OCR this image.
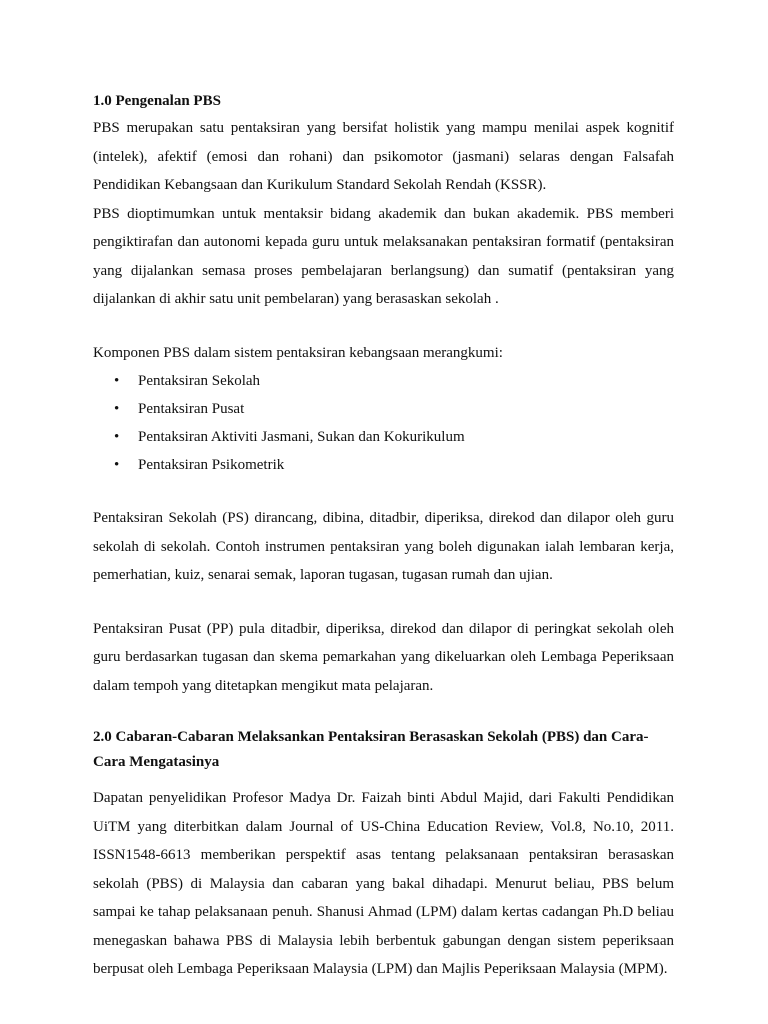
1.0 Pengenalan PBS

PBS merupakan satu pentaksiran yang bersifat holistik yang mampu menilai aspek kognitif (intelek), afektif (emosi dan rohani) dan psikomotor (jasmani) selaras dengan Falsafah Pendidikan Kebangsaan dan Kurikulum Standard Sekolah Rendah (KSSR).

PBS dioptimumkan untuk mentaksir bidang akademik dan bukan akademik. PBS memberi pengiktirafan dan autonomi kepada guru untuk melaksanakan pentaksiran formatif (pentaksiran yang dijalankan semasa proses pembelajaran berlangsung) dan sumatif (pentaksiran yang dijalankan di akhir satu unit pembelaran) yang berasaskan sekolah .

Komponen PBS dalam sistem pentaksiran kebangsaan merangkumi:

• Pentaksiran Sekolah
• Pentaksiran Pusat
• Pentaksiran Aktiviti Jasmani, Sukan dan Kokurikulum
• Pentaksiran Psikometrik

Pentaksiran Sekolah (PS) dirancang, dibina, ditadbir, diperiksa, direkod dan dilapor oleh guru sekolah di sekolah. Contoh instrumen pentaksiran yang boleh digunakan ialah lembaran kerja, pemerhatian, kuiz, senarai semak, laporan tugasan, tugasan rumah dan ujian.

Pentaksiran Pusat (PP) pula ditadbir, diperiksa, direkod dan dilapor di peringkat sekolah oleh guru berdasarkan tugasan dan skema pemarkahan yang dikeluarkan oleh Lembaga Peperiksaan dalam tempoh yang ditetapkan mengikut mata pelajaran.

2.0 Cabaran-Cabaran Melaksankan Pentaksiran Berasaskan Sekolah (PBS) dan Cara-Cara Mengatasinya

Dapatan penyelidikan Profesor Madya Dr. Faizah binti Abdul Majid, dari Fakulti Pendidikan UiTM yang diterbitkan dalam Journal of US-China Education Review, Vol.8, No.10, 2011. ISSN1548-6613 memberikan perspektif asas tentang pelaksanaan pentaksiran berasaskan sekolah (PBS) di Malaysia dan cabaran yang bakal dihadapi. Menurut beliau, PBS belum sampai ke tahap pelaksanaan penuh. Shanusi Ahmad (LPM) dalam kertas cadangan Ph.D beliau menegaskan bahawa PBS di Malaysia lebih berbentuk gabungan dengan sistem peperiksaan berpusat oleh Lembaga Peperiksaan Malaysia (LPM) dan Majlis Peperiksaan Malaysia (MPM).
